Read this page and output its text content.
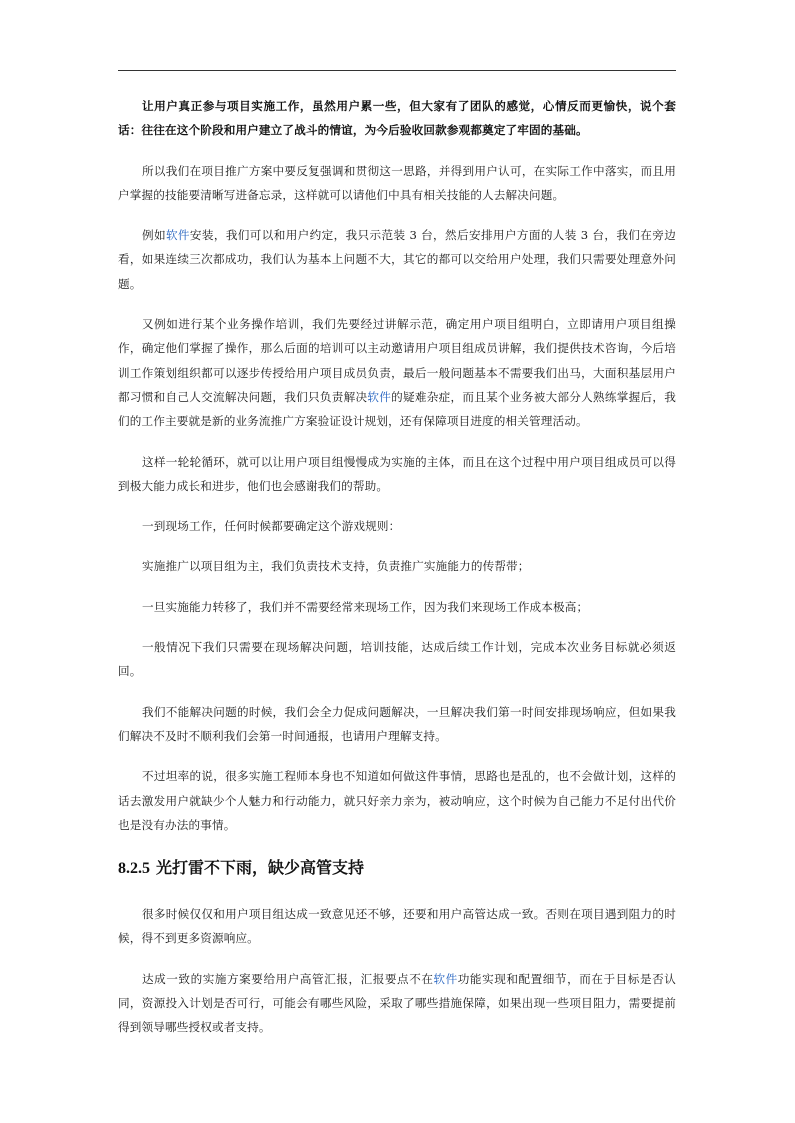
让用户真正参与项目实施工作，虽然用户累一些，但大家有了团队的感觉，心情反而更愉快，说个套话：往往在这个阶段和用户建立了战斗的情谊，为今后验收回款参观都奠定了牢固的基础。

所以我们在项目推广方案中要反复强调和贯彻这一思路，并得到用户认可，在实际工作中落实，而且用户掌握的技能要清晰写进备忘录，这样就可以请他们中具有相关技能的人去解决问题。

例如软件安装，我们可以和用户约定，我只示范装 3 台，然后安排用户方面的人装 3 台，我们在旁边看，如果连续三次都成功，我们认为基本上问题不大，其它的都可以交给用户处理，我们只需要处理意外问题。

又例如进行某个业务操作培训，我们先要经过讲解示范，确定用户项目组明白，立即请用户项目组操作，确定他们掌握了操作，那么后面的培训可以主动邀请用户项目组成员讲解，我们提供技术咨询，今后培训工作策划组织都可以逐步传授给用户项目成员负责，最后一般问题基本不需要我们出马，大面积基层用户都习惯和自己人交流解决问题，我们只负责解决软件的疑难杂症，而且某个业务被大部分人熟练掌握后，我们的工作主要就是新的业务流推广方案验证设计规划，还有保障项目进度的相关管理活动。

这样一轮轮循环，就可以让用户项目组慢慢成为实施的主体，而且在这个过程中用户项目组成员可以得到极大能力成长和进步，他们也会感谢我们的帮助。

一到现场工作，任何时候都要确定这个游戏规则：

实施推广以项目组为主，我们负责技术支持，负责推广实施能力的传帮带；

一旦实施能力转移了，我们并不需要经常来现场工作，因为我们来现场工作成本极高；

一般情况下我们只需要在现场解决问题，培训技能，达成后续工作计划，完成本次业务目标就必须返回。

我们不能解决问题的时候，我们会全力促成问题解决，一旦解决我们第一时间安排现场响应，但如果我们解决不及时不顺利我们会第一时间通报，也请用户理解支持。

不过坦率的说，很多实施工程师本身也不知道如何做这件事情，思路也是乱的，也不会做计划，这样的话去激发用户就缺少个人魅力和行动能力，就只好亲力亲为，被动响应，这个时候为自己能力不足付出代价也是没有办法的事情。

8.2.5 光打雷不下雨，缺少高管支持

很多时候仅仅和用户项目组达成一致意见还不够，还要和用户高管达成一致。否则在项目遇到阻力的时候，得不到更多资源响应。

达成一致的实施方案要给用户高管汇报，汇报要点不在软件功能实现和配置细节，而在于目标是否认同，资源投入计划是否可行，可能会有哪些风险，采取了哪些措施保障，如果出现一些项目阻力，需要提前得到领导哪些授权或者支持。
